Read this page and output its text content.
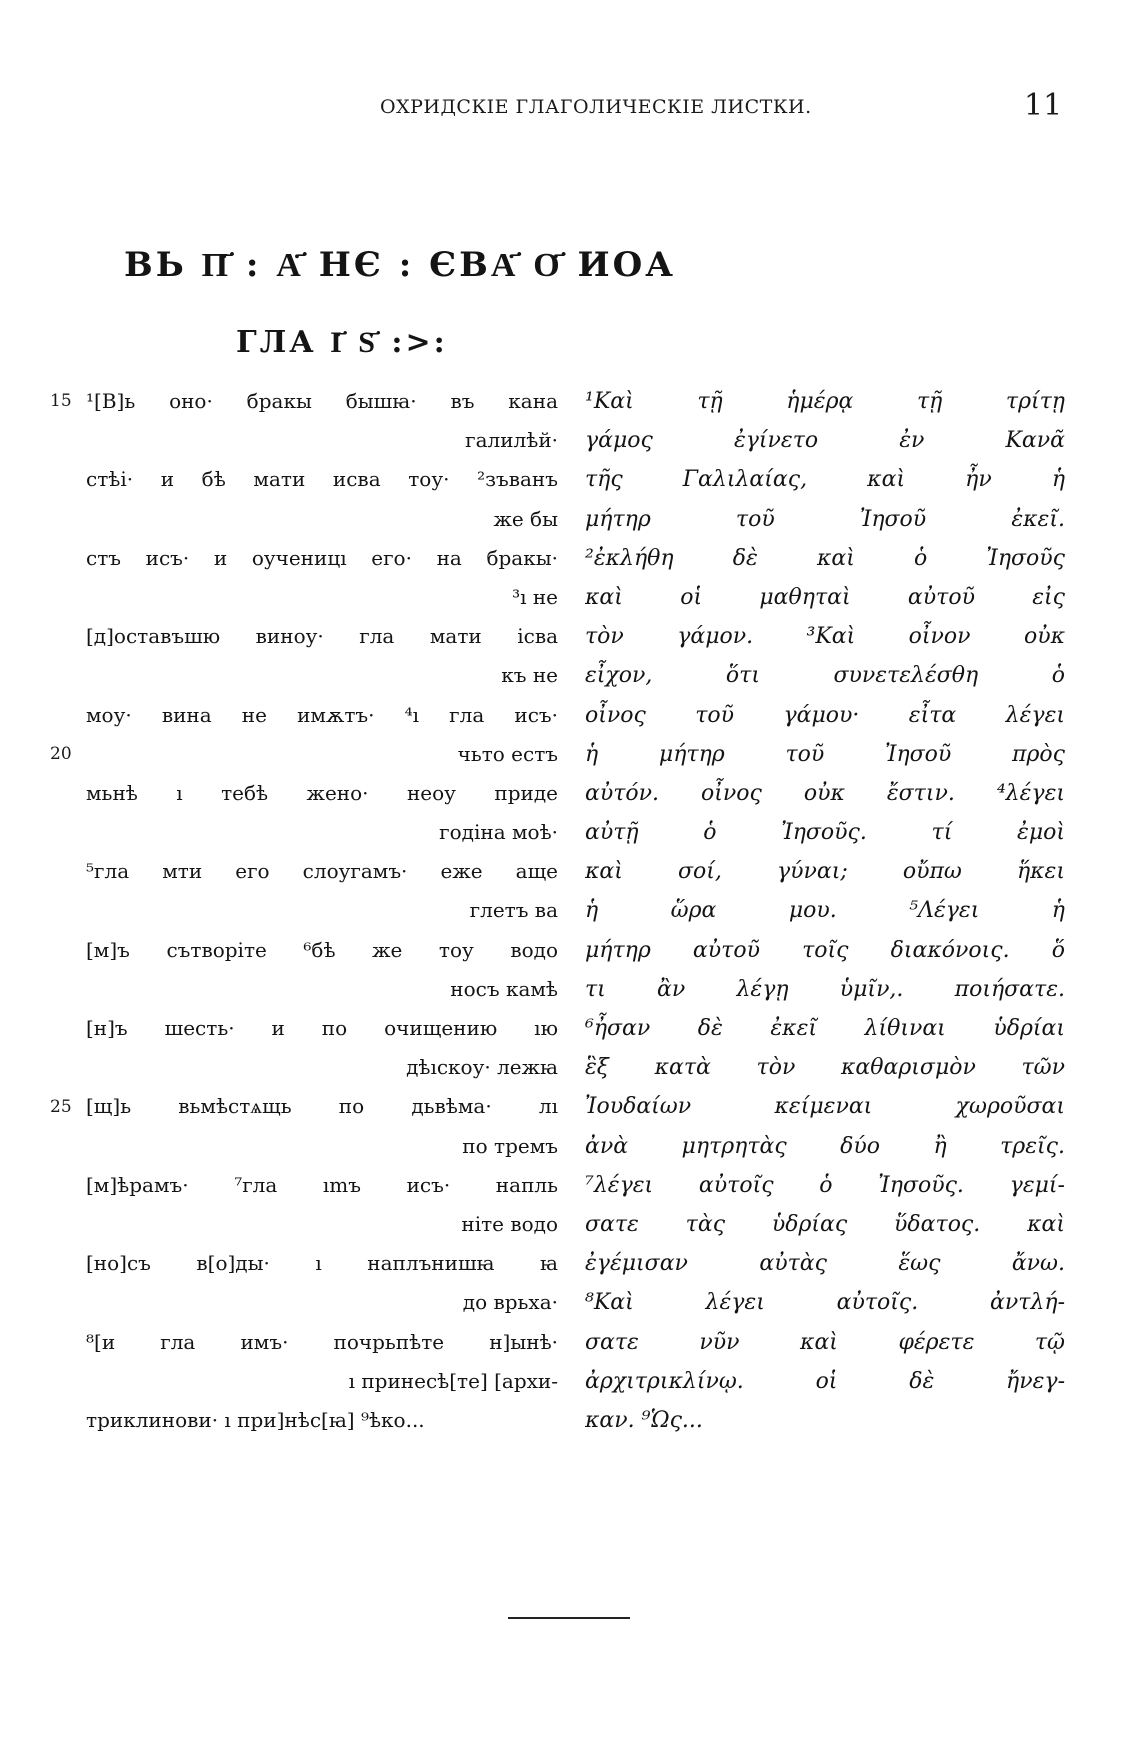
ОХРИДСКІЕ ГЛАГОЛИЧЕСКІЕ ЛИСТКИ.	11
ВЬ П҃ : А҃ НЄ : ЄВА҃ О҃ ИОА
ГЛА І҃ Ѕ҃ :>:
15
20
25
¹[В]ь оно· бракы бышꙗ· въ кана
галилѣй·
стѣі· и бѣ мати исва тоу· ²зъванъ
же бы
стъ исъ· и оученицı его· на бракы·
³ı не
[д]оставъшю виноу· гла мати ісва
къ не
моу· вина не имѫтъ· ⁴ı гла исъ·
чьто естъ
мьнѣ ı тебѣ жено· неоу приде
годіна моѣ·
⁵гла мти его слоугамъ· еже аще
глетъ ва
[м]ъ сътворіте ⁶бѣ же тоу водо
носъ камѣ
[н]ъ шесть· и по очищению ıю
дѣıскоу· лежꙗ
[щ]ь вьмѣстѧщь по дьвѣма· лı
по тремъ
[м]ѣрамъ· ⁷гла ımъ исъ· напль
ніте водо
[но]съ в[о]ды· ı наплънишꙗ ꙗ
до врьха·
⁸[и гла имъ· почрьпѣте н]ынѣ·
ı принесѣ[те] [архи-
триклинови· ı при]нѣс[ꙗ] ⁹ѣко...
¹Καὶ τῇ ἡμέρᾳ τῇ τρίτῃ
γάμος ἐγίνετο ἐν Κανᾶ
τῆς Γαλιλαίας, καὶ ἦν ἡ
μήτηρ τοῦ Ἰησοῦ ἐκεῖ.
²ἐκλήθη δὲ καὶ ὁ Ἰησοῦς
καὶ οἱ μαθηταὶ αὐτοῦ εἰς
τὸν γάμον. ³Καὶ οἶνον οὐκ
εἶχον, ὅτι συνετελέσθη ὁ
οἶνος τοῦ γάμου· εἶτα λέγει
ἡ μήτηρ τοῦ Ἰησοῦ πρὸς
αὐτόν. οἶνος οὐκ ἔστιν. ⁴λέγει
αὐτῇ ὁ Ἰησοῦς. τί ἐμοὶ
καὶ σοί, γύναι; οὔπω ἥκει
ἡ ὥρα μου. ⁵Λέγει ἡ
μήτηρ αὐτοῦ τοῖς διακόνοις. ὅ
τι ἂν λέγῃ ὑμῖν,. ποιήσατε.
⁶ἦσαν δὲ ἐκεῖ λίθιναι ὑδρίαι
ἓξ κατὰ τὸν καθαρισμὸν τῶν
Ἰουδαίων κείμεναι χωροῦσαι
ἀνὰ μητρητὰς δύο ἢ τρεῖς.
⁷λέγει αὐτοῖς ὁ Ἰησοῦς. γεμί-
σατε τὰς ὑδρίας ὕδατος. καὶ
ἐγέμισαν αὐτὰς ἕως ἄνω.
⁸Καὶ λέγει αὐτοῖς. ἀντλή-
σατε νῦν καὶ φέρετε τῷ
ἀρχιτρικλίνῳ. οἱ δὲ ἤνεγ-
καν. ⁹Ὡς...
